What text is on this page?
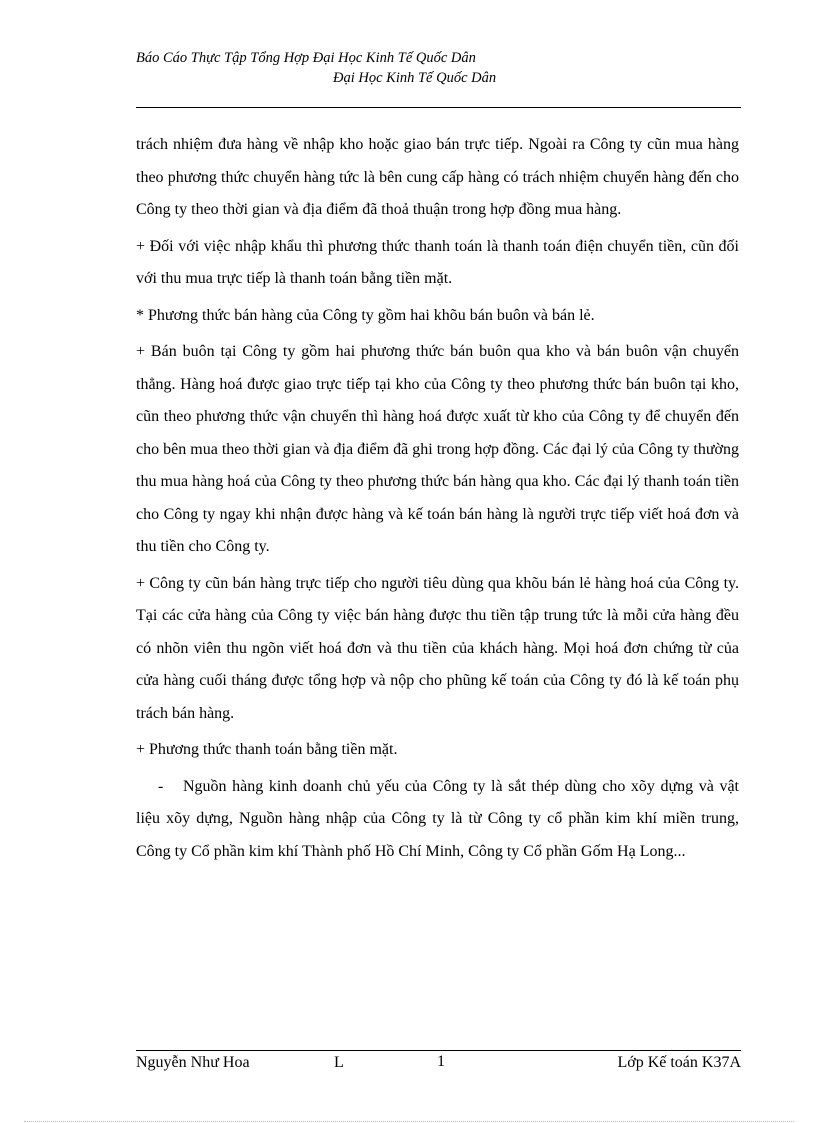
Báo Cáo Thực Tập Tổng Hợp Đại Học Kinh Tế Quốc Dân
Đại Học Kinh Tế Quốc Dân

trách nhiệm đưa hàng về nhập kho hoặc giao bán trực tiếp. Ngoài ra Công ty cũn mua hàng theo phương thức chuyển hàng tức là bên cung cấp hàng có trách nhiệm chuyển hàng đến cho Công ty theo thời gian và địa điểm đã thoả thuận trong hợp đồng mua hàng.

+ Đối với việc nhập khẩu thì phương thức thanh toán là thanh toán điện chuyển tiền, cũn đối với thu mua trực tiếp là thanh toán bằng tiền mặt.

* Phương thức bán hàng của Công ty gồm hai khõu bán buôn và bán lẻ.

+ Bán buôn tại Công ty gồm hai phương thức bán buôn qua kho và bán buôn vận chuyển thẳng. Hàng hoá được giao trực tiếp tại kho của Công ty theo phương thức bán buôn tại kho, cũn theo phương thức vận chuyển thì hàng hoá được xuất từ kho của Công ty để chuyển đến cho bên mua theo thời gian và địa điểm đã ghi trong hợp đồng. Các đại lý của Công ty thường thu mua hàng hoá của Công ty theo phương thức bán hàng qua kho. Các đại lý thanh toán tiền cho Công ty ngay khi nhận được hàng và kế toán bán hàng là người trực tiếp viết hoá đơn và thu tiền cho Công ty.

+ Công ty cũn bán hàng trực tiếp cho người tiêu dùng qua khõu bán lẻ hàng hoá của Công ty. Tại các cửa hàng của Công ty việc bán hàng được thu tiền tập trung tức là mỗi cửa hàng đều có nhõn viên thu ngõn viết hoá đơn và thu tiền của khách hàng. Mọi hoá đơn chứng từ của cửa hàng cuối tháng được tổng hợp và nộp cho phũng kế toán của Công ty đó là kế toán phụ trách bán hàng.

+ Phương thức thanh toán bằng tiền mặt.

- Nguồn hàng kinh doanh chủ yếu của Công ty là sắt thép dùng cho xõy dựng và vật liệu xõy dựng, Nguồn hàng nhập của Công ty là từ Công ty cổ phần kim khí miền trung, Công ty Cổ phần kim khí Thành phố Hồ Chí Minh, Công ty Cổ phần Gốm Hạ Long...

Nguyễn Như Hoa	L	1	Lớp Kế toán K37A
